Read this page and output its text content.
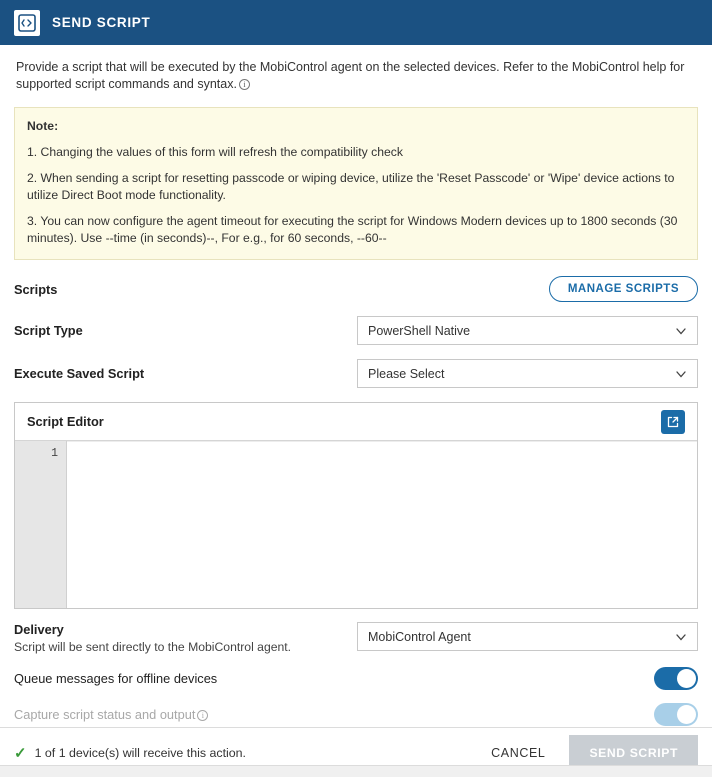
SEND SCRIPT
Provide a script that will be executed by the MobiControl agent on the selected devices. Refer to the MobiControl help for supported script commands and syntax. i
Note:
1. Changing the values of this form will refresh the compatibility check
2. When sending a script for resetting passcode or wiping device, utilize the 'Reset Passcode' or 'Wipe' device actions to utilize Direct Boot mode functionality.
3. You can now configure the agent timeout for executing the script for Windows Modern devices up to 1800 seconds (30 minutes). Use --time (in seconds)--, For e.g., for 60 seconds, --60--
Scripts	MANAGE SCRIPTS
Script Type	PowerShell Native
Execute Saved Script	Please Select
Script Editor
1
Delivery
Script will be sent directly to the MobiControl agent.
MobiControl Agent
Queue messages for offline devices
Capture script status and output i
✓ 1 of 1 device(s) will receive this action.	CANCEL	SEND SCRIPT
